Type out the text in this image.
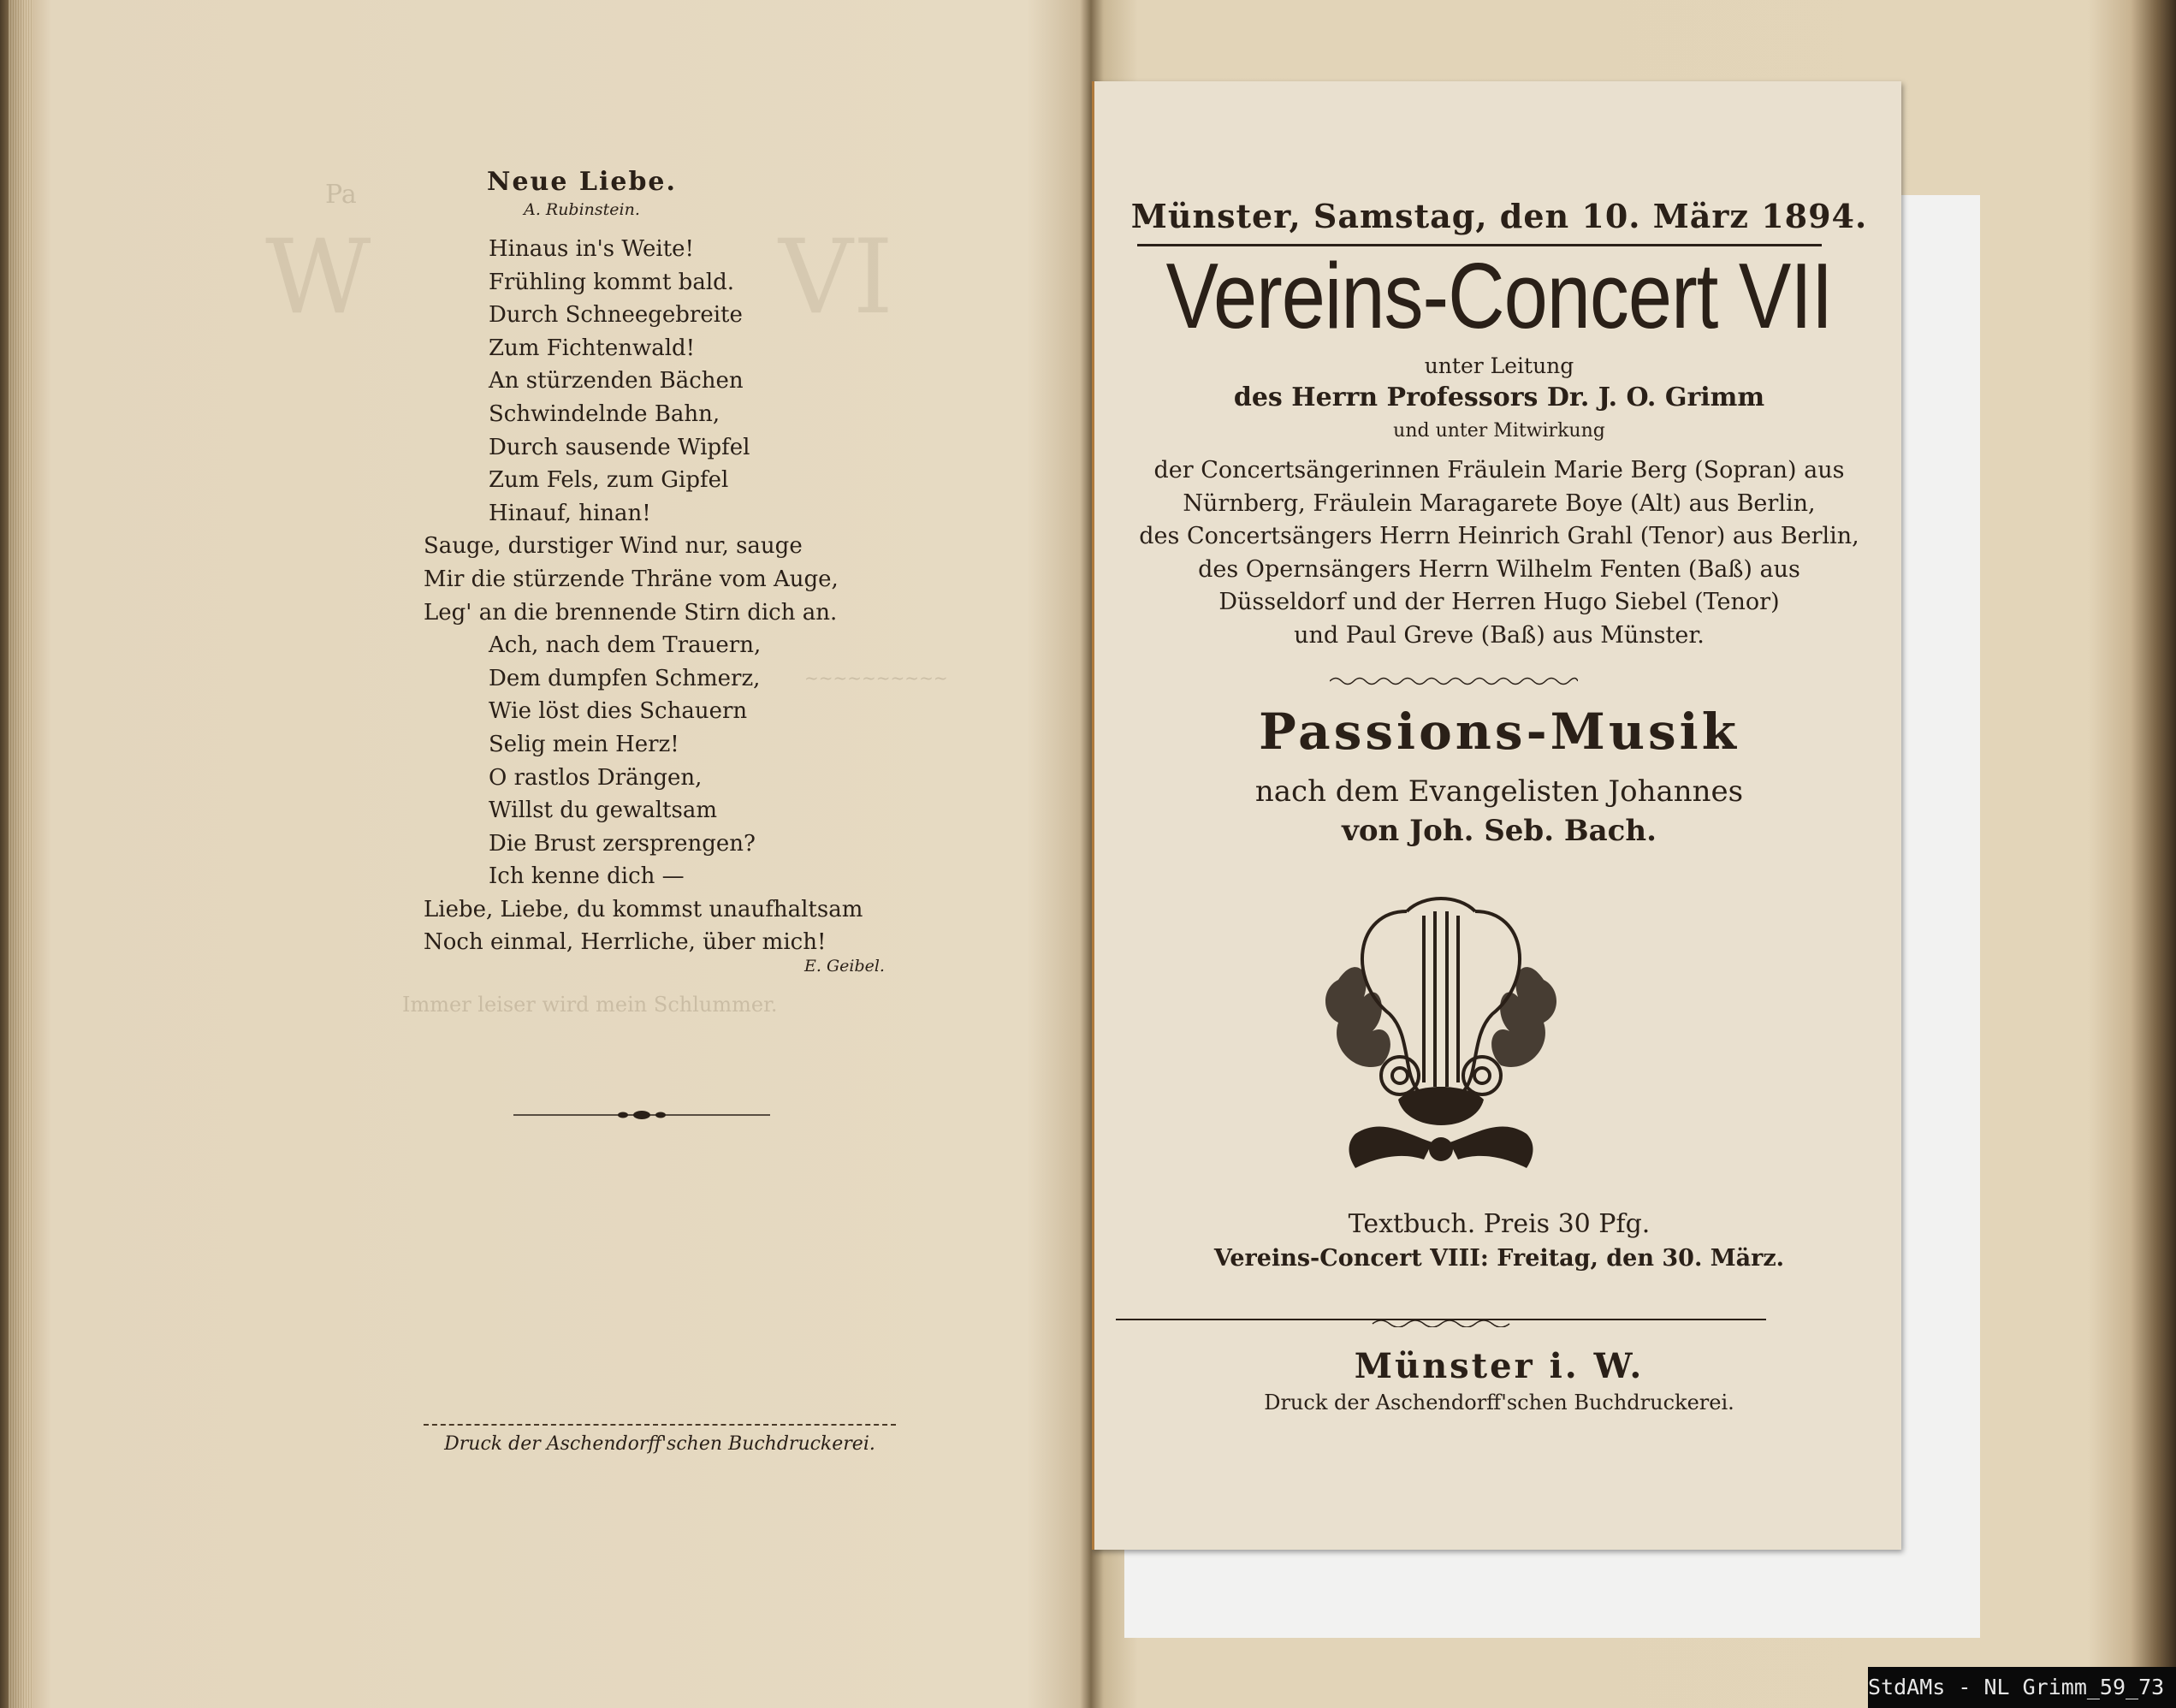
Pa
W	VI
Immer leiser wird mein Schlummer.
~~~~~~~~~~
Neue Liebe.
A. Rubinstein.
Hinaus in's Weite!
Frühling kommt bald.
Durch Schneegebreite
Zum Fichtenwald!
An stürzenden Bächen
Schwindelnde Bahn,
Durch sausende Wipfel
Zum Fels, zum Gipfel
Hinauf, hinan!
Sauge, durstiger Wind nur, sauge
Mir die stürzende Thräne vom Auge,
Leg' an die brennende Stirn dich an.
Ach, nach dem Trauern,
Dem dumpfen Schmerz,
Wie löst dies Schauern
Selig mein Herz!
O rastlos Drängen,
Willst du gewaltsam
Die Brust zersprengen?
Ich kenne dich —
Liebe, Liebe, du kommst unaufhaltsam
Noch einmal, Herrliche, über mich!
E. Geibel.
Druck der Aschendorff'schen Buchdruckerei.
Münster, Samstag, den 10. März 1894.
Vereins-Concert VII
unter Leitung
des Herrn Professors Dr. J. O. Grimm
und unter Mitwirkung
der Concertsängerinnen Fräulein Marie Berg (Sopran) aus
Nürnberg, Fräulein Maragarete Boye (Alt) aus Berlin,
des Concertsängers Herrn Heinrich Grahl (Tenor) aus Berlin,
des Opernsängers Herrn Wilhelm Fenten (Baß) aus
Düsseldorf und der Herren Hugo Siebel (Tenor)
und Paul Greve (Baß) aus Münster.
Passions-Musik
nach dem Evangelisten Johannes
von Joh. Seb. Bach.
Textbuch. Preis 30 Pfg.
Vereins-Concert VIII: Freitag, den 30. März.
Münster i. W.
Druck der Aschendorff'schen Buchdruckerei.
StdAMs - NL Grimm_59_73
